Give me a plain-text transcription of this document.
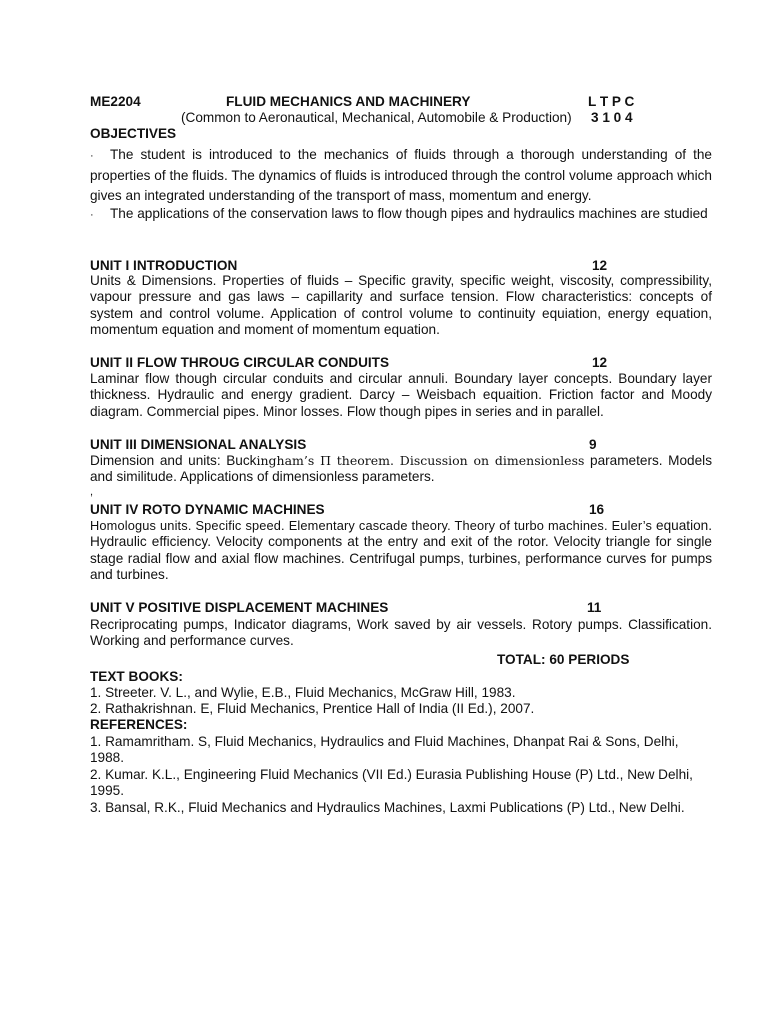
ME2204	FLUID MECHANICS AND MACHINERY	L T P C
(Common to Aeronautical, Mechanical, Automobile & Production) 3 1 0 4
OBJECTIVES
· The student is introduced to the mechanics of fluids through a thorough understanding of the properties of the fluids. The dynamics of fluids is introduced through the control volume approach which gives an integrated understanding of the transport of mass, momentum and energy.
· The applications of the conservation laws to flow though pipes and hydraulics machines are studied
UNIT I INTRODUCTION	12
Units & Dimensions. Properties of fluids – Specific gravity, specific weight, viscosity, compressibility, vapour pressure and gas laws – capillarity and surface tension. Flow characteristics: concepts of system and control volume. Application of control volume to continuity equiation, energy equation, momentum equation and moment of momentum equation.
UNIT II FLOW THROUG CIRCULAR CONDUITS	12
Laminar flow though circular conduits and circular annuli. Boundary layer concepts. Boundary layer thickness. Hydraulic and energy gradient. Darcy – Weisbach equaition. Friction factor and Moody diagram. Commercial pipes. Minor losses. Flow though pipes in series and in parallel.
UNIT III DIMENSIONAL ANALYSIS	9
Dimension and units: Buckingham’s Π theorem. Discussion on dimensionless parameters. Models and similitude. Applications of dimensionless parameters.
,
UNIT IV ROTO DYNAMIC MACHINES	16
Homologus units. Specific speed. Elementary cascade theory. Theory of turbo machines. Euler’s equation. Hydraulic efficiency. Velocity components at the entry and exit of the rotor. Velocity triangle for single stage radial flow and axial flow machines. Centrifugal pumps, turbines, performance curves for pumps and turbines.
UNIT V POSITIVE DISPLACEMENT MACHINES	11
Recriprocating pumps, Indicator diagrams, Work saved by air vessels. Rotory pumps. Classification. Working and performance curves.
TOTAL: 60 PERIODS
TEXT BOOKS:
1. Streeter. V. L., and Wylie, E.B., Fluid Mechanics, McGraw Hill, 1983.
2. Rathakrishnan. E, Fluid Mechanics, Prentice Hall of India (II Ed.), 2007.
REFERENCES:
1. Ramamritham. S, Fluid Mechanics, Hydraulics and Fluid Machines, Dhanpat Rai & Sons, Delhi, 1988.
2. Kumar. K.L., Engineering Fluid Mechanics (VII Ed.) Eurasia Publishing House (P) Ltd., New Delhi, 1995.
3. Bansal, R.K., Fluid Mechanics and Hydraulics Machines, Laxmi Publications (P) Ltd., New Delhi.
